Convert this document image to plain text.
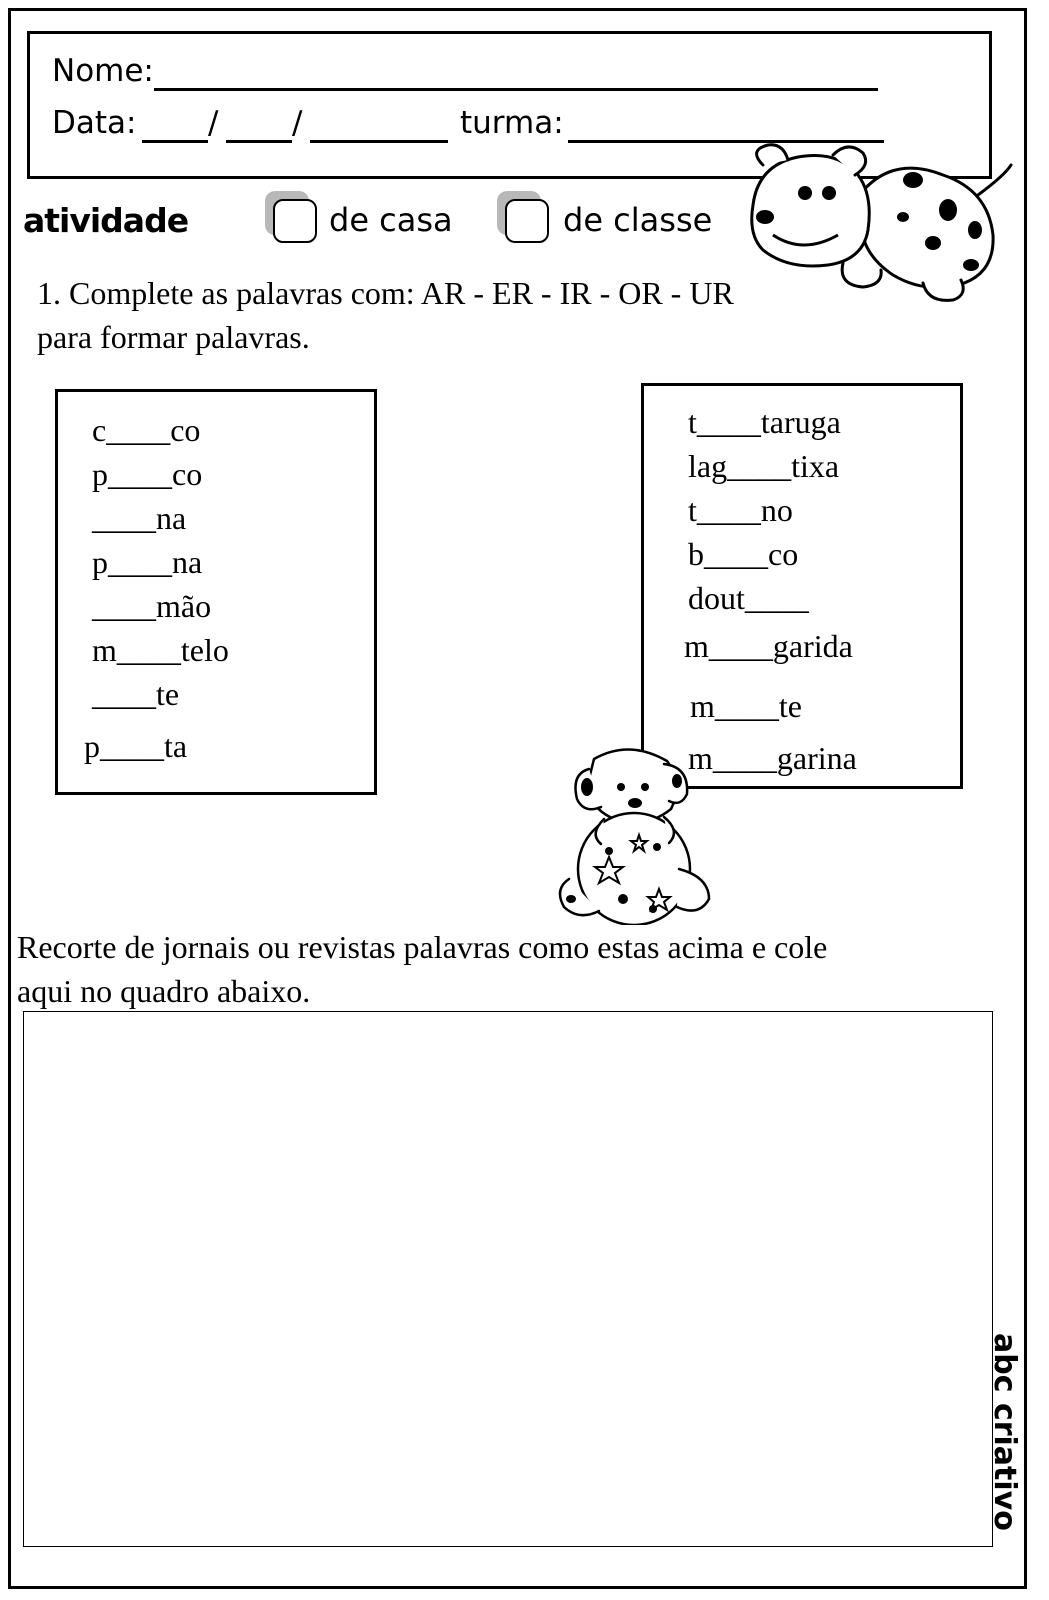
Nome:
Data: / /	turma:
atividade	de casa	de classe
1. Complete as palavras com: AR - ER - IR - OR - UR
para formar palavras.
c____co
p____co
____na
p____na
____mão
m____telo
____te
p____ta
t____taruga
lag____tixa
t____no
b____co
dout____
m____garida
m____te
m____garina
Recorte de jornais ou revistas palavras como estas acima e cole
aqui no quadro abaixo.
abc criativo
